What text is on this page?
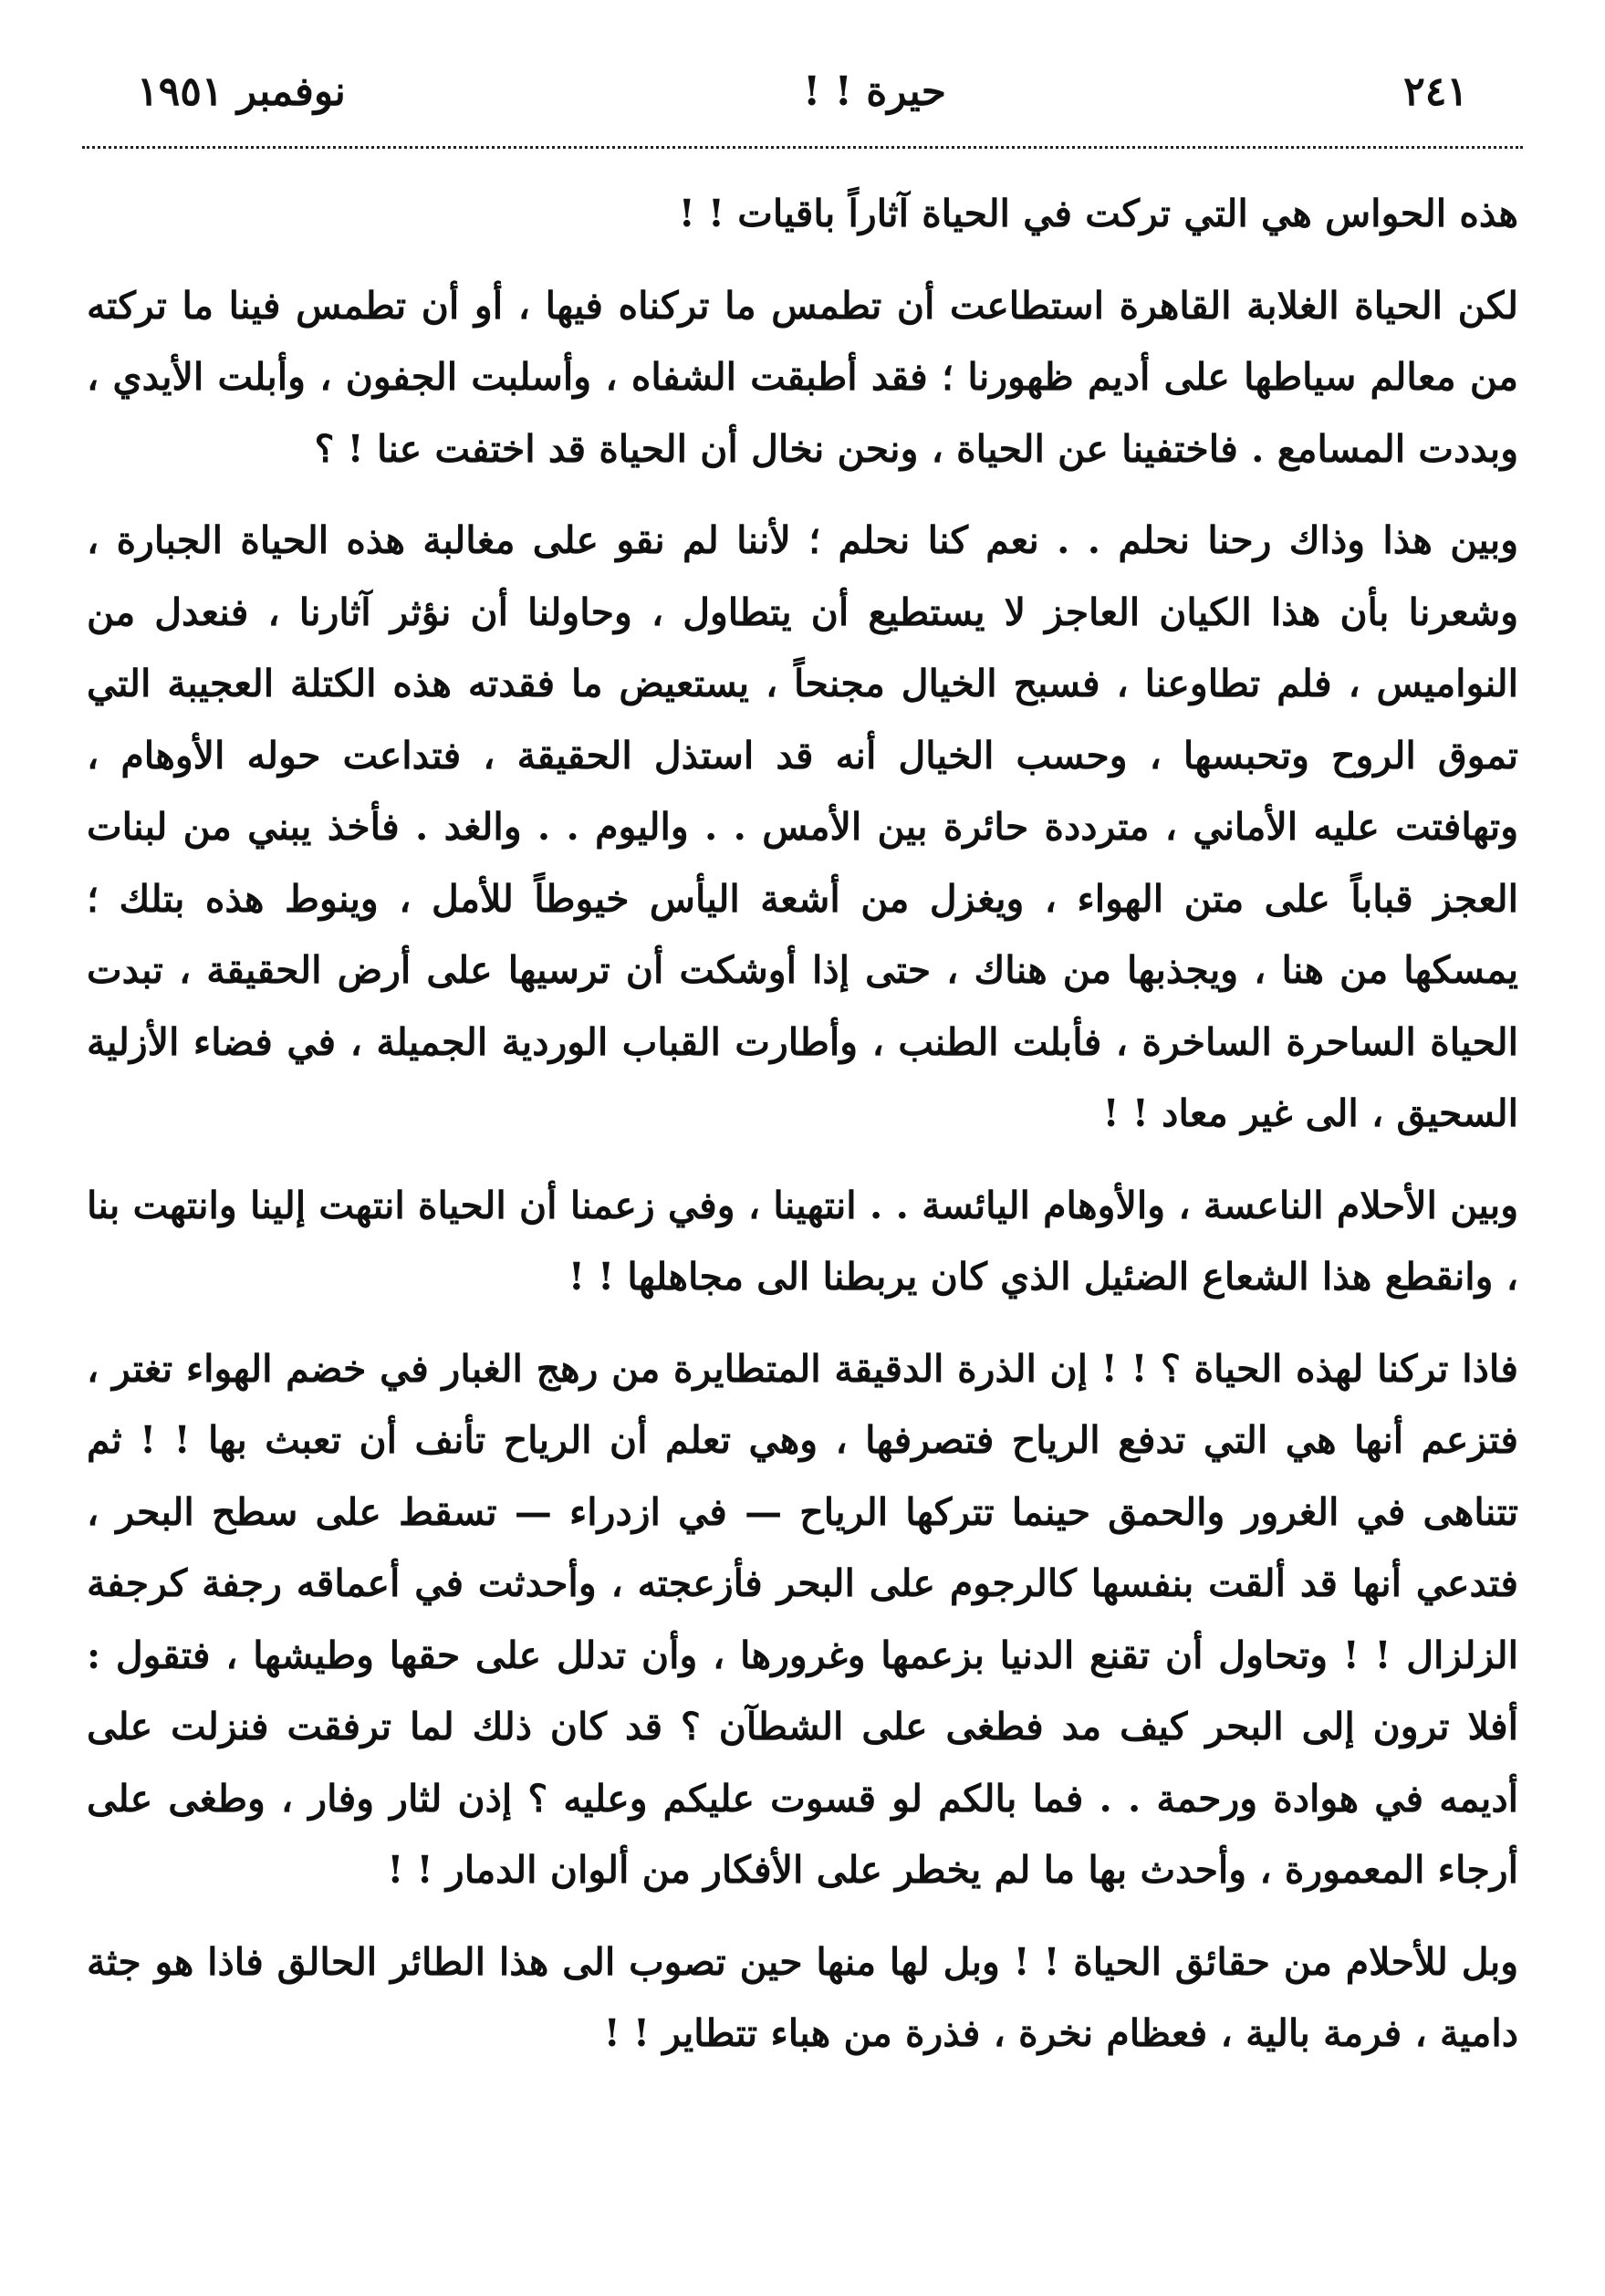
٢٤١
حيرة ! !
نوفمبر ١٩٥١

هذه الحواس هي التي تركت في الحياة آثاراً باقيات ! !

لكن الحياة الغلابة القاهرة استطاعت أن تطمس ما تركناه فيها ، أو أن تطمس فينا ما تركته من معالم سياطها على أديم ظهورنا ؛ فقد أطبقت الشفاه ، وأسلبت الجفون ، وأبلت الأيدي ، وبددت المسامع . فاختفينا عن الحياة ، ونحن نخال أن الحياة قد اختفت عنا ! ؟

وبين هذا وذاك رحنا نحلم . . نعم كنا نحلم ؛ لأننا لم نقو على مغالبة هذه الحياة الجبارة ، وشعرنا بأن هذا الكيان العاجز لا يستطيع أن يتطاول ، وحاولنا أن نؤثر آثارنا ، فنعدل من النواميس ، فلم تطاوعنا ، فسبح الخيال مجنحاً ، يستعيض ما فقدته هذه الكتلة العجيبة التي تموق الروح وتحبسها ، وحسب الخيال أنه قد استذل الحقيقة ، فتداعت حوله الأوهام ، وتهافتت عليه الأماني ، مترددة حائرة بين الأمس . . واليوم . . والغد . فأخذ يبني من لبنات العجز قباباً على متن الهواء ، ويغزل من أشعة اليأس خيوطاً للأمل ، وينوط هذه بتلك ؛ يمسكها من هنا ، ويجذبها من هناك ، حتى إذا أوشكت أن ترسيها على أرض الحقيقة ، تبدت الحياة الساحرة الساخرة ، فأبلت الطنب ، وأطارت القباب الوردية الجميلة ، في فضاء الأزلية السحيق ، الى غير معاد ! !

وبين الأحلام الناعسة ، والأوهام اليائسة . . انتهينا ، وفي زعمنا أن الحياة انتهت إلينا وانتهت بنا ، وانقطع هذا الشعاع الضئيل الذي كان يربطنا الى مجاهلها ! !

فاذا تركنا لهذه الحياة ؟ ! ! إن الذرة الدقيقة المتطايرة من رهج الغبار في خضم الهواء تغتر ، فتزعم أنها هي التي تدفع الرياح فتصرفها ، وهي تعلم أن الرياح تأنف أن تعبث بها ! ! ثم تتناهى في الغرور والحمق حينما تتركها الرياح — في ازدراء — تسقط على سطح البحر ، فتدعي أنها قد ألقت بنفسها كالرجوم على البحر فأزعجته ، وأحدثت في أعماقه رجفة كرجفة الزلزال ! ! وتحاول أن تقنع الدنيا بزعمها وغرورها ، وأن تدلل على حقها وطيشها ، فتقول : أفلا ترون إلى البحر كيف مد فطغى على الشطآن ؟ قد كان ذلك لما ترفقت فنزلت على أديمه في هوادة ورحمة . . فما بالكم لو قسوت عليكم وعليه ؟ إذن لثار وفار ، وطغى على أرجاء المعمورة ، وأحدث بها ما لم يخطر على الأفكار من ألوان الدمار ! !

وبل للأحلام من حقائق الحياة ! ! وبل لها منها حين تصوب الى هذا الطائر الحالق فاذا هو جثة دامية ، فرمة بالية ، فعظام نخرة ، فذرة من هباء تتطاير ! !
